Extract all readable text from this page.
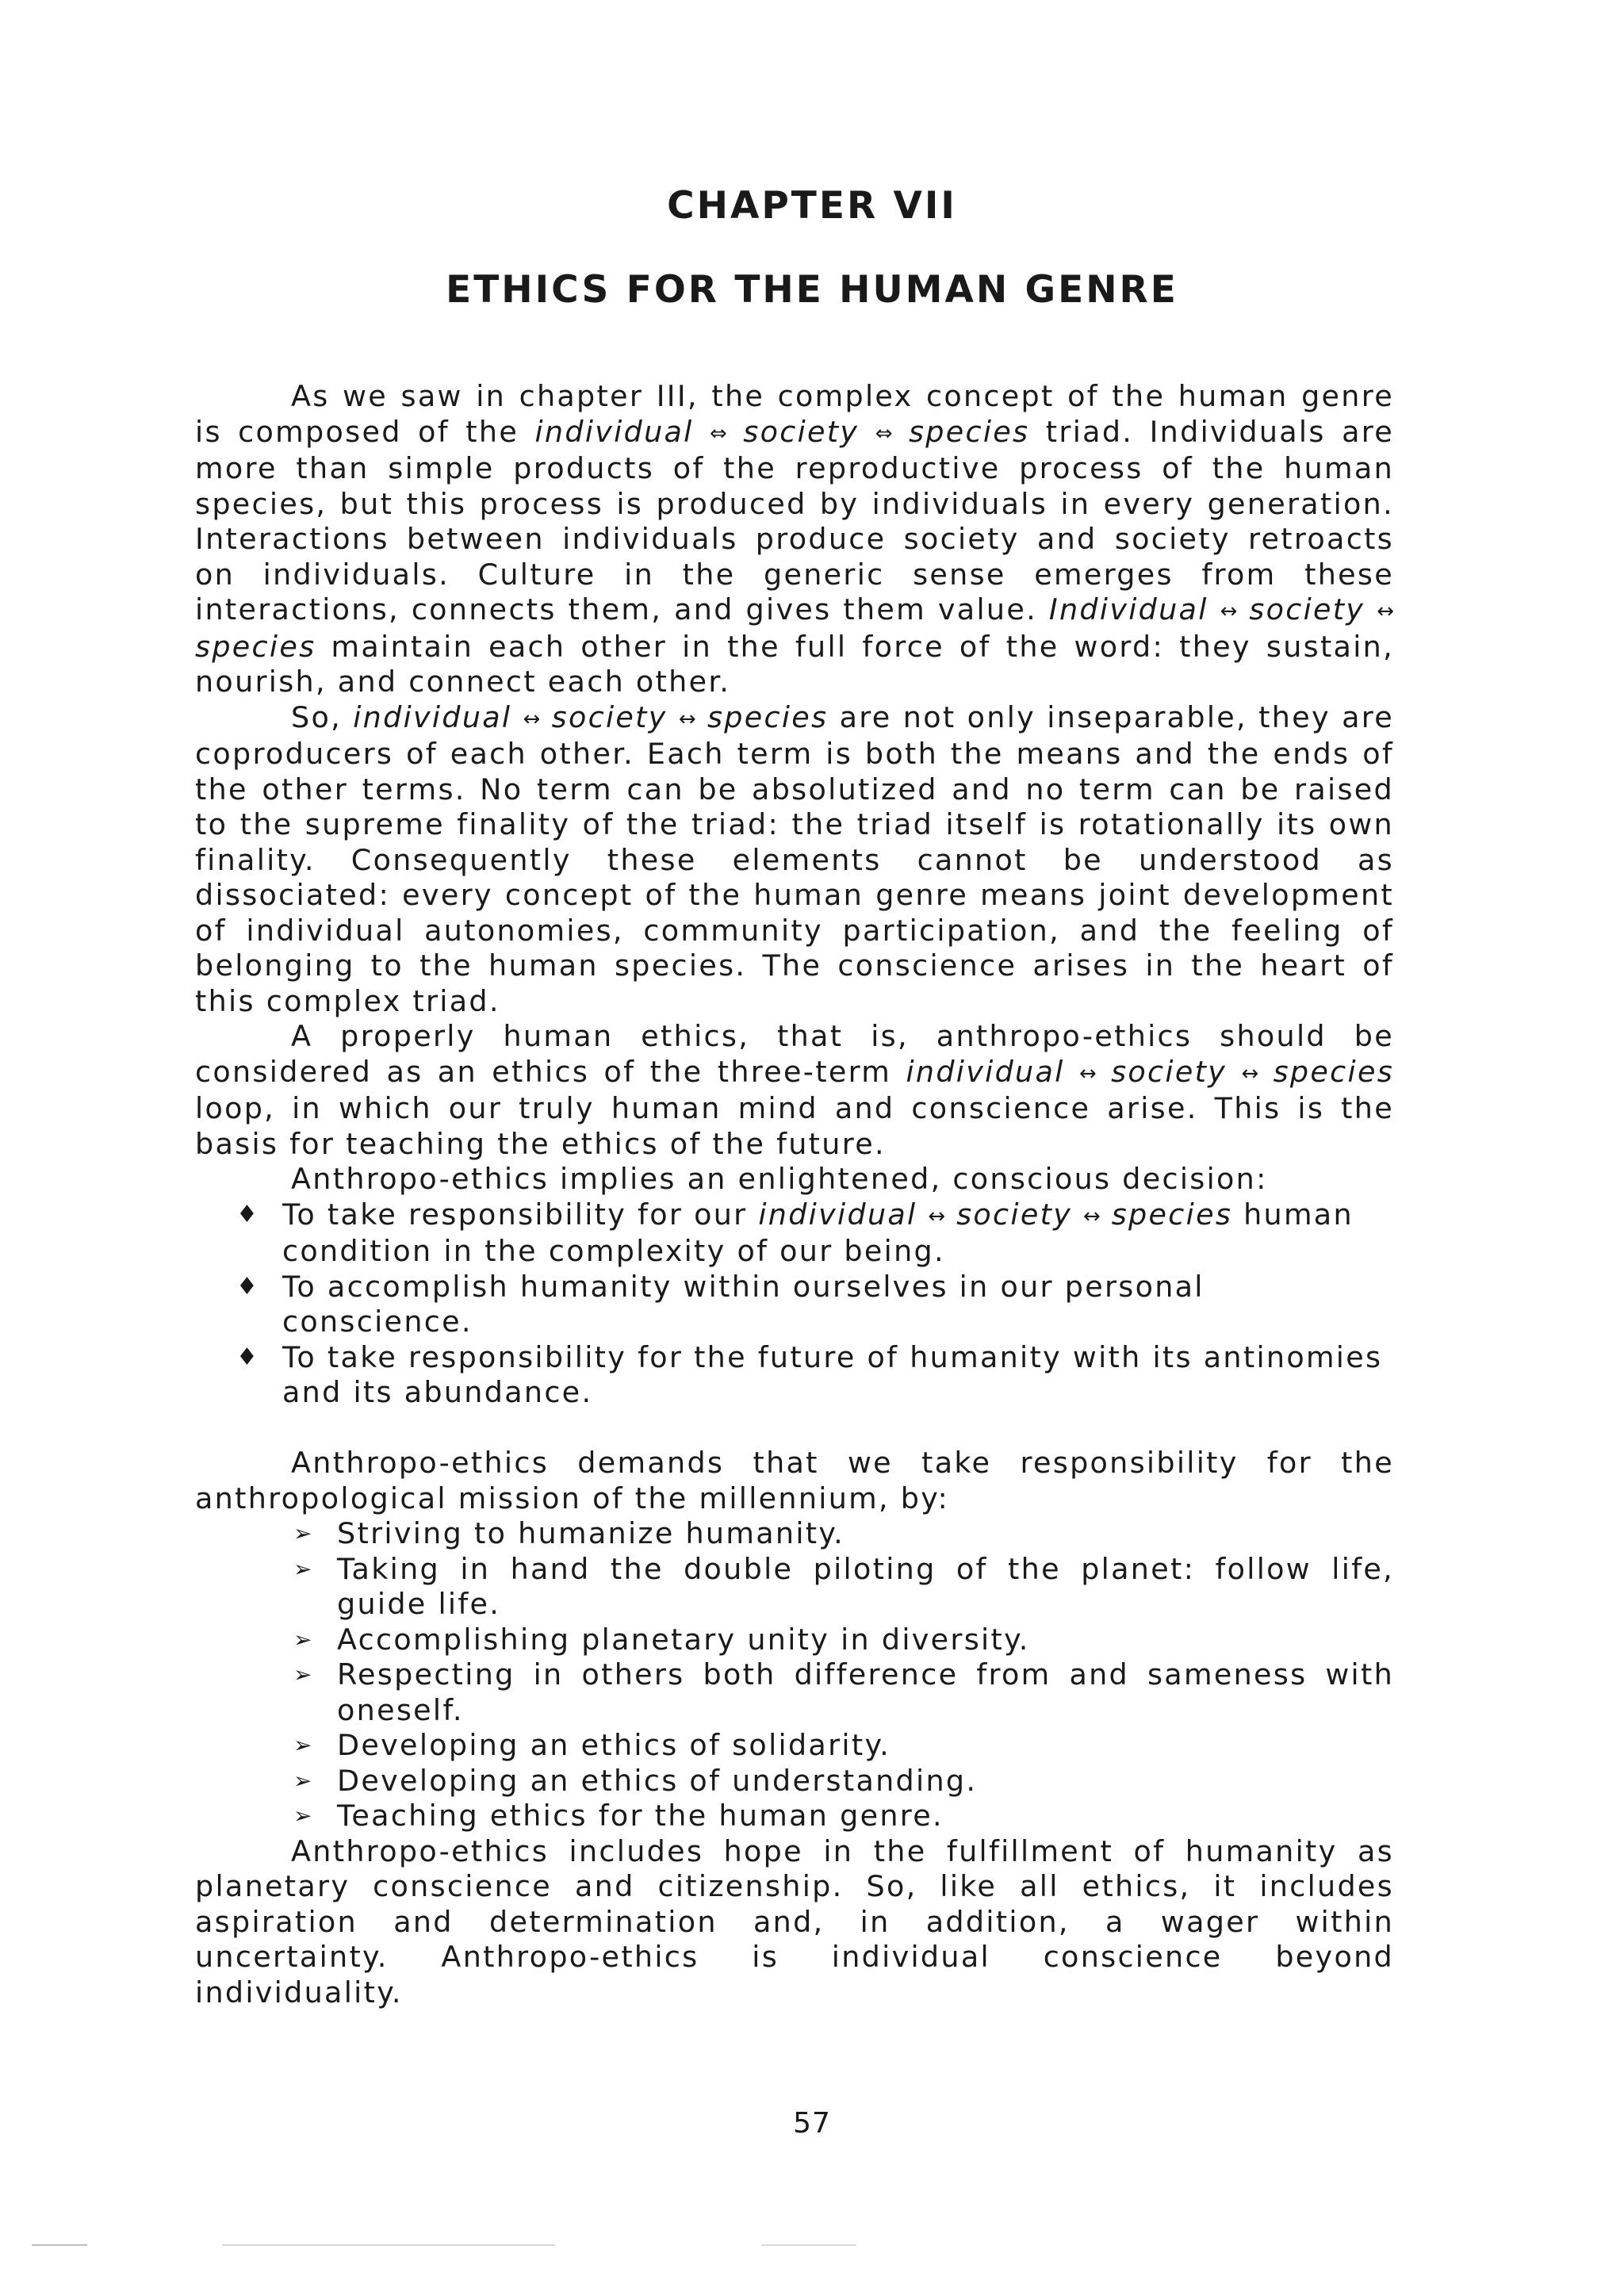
CHAPTER VII
ETHICS FOR THE HUMAN GENRE

As we saw in chapter III, the complex concept of the human genre is composed of the individual ⇔ society ⇔ species triad. Individuals are more than simple products of the reproductive process of the human species, but this process is produced by individuals in every generation. Interactions between individuals produce society and society retroacts on individuals. Culture in the generic sense emerges from these interactions, connects them, and gives them value. Individual ↔ society ↔ species maintain each other in the full force of the word: they sustain, nourish, and connect each other.

So, individual ↔ society ↔ species are not only inseparable, they are coproducers of each other. Each term is both the means and the ends of the other terms. No term can be absolutized and no term can be raised to the supreme finality of the triad: the triad itself is rotationally its own finality. Consequently these elements cannot be understood as dissociated: every concept of the human genre means joint development of individual autonomies, community participation, and the feeling of belonging to the human species. The conscience arises in the heart of this complex triad.

A properly human ethics, that is, anthropo-ethics should be considered as an ethics of the three-term individual ↔ society ↔ species loop, in which our truly human mind and conscience arise. This is the basis for teaching the ethics of the future.

Anthropo-ethics implies an enlightened, conscious decision:

♦ To take responsibility for our individual ↔ society ↔ species human condition in the complexity of our being.
♦ To accomplish humanity within ourselves in our personal conscience.
♦ To take responsibility for the future of humanity with its antinomies and its abundance.

Anthropo-ethics demands that we take responsibility for the anthropological mission of the millennium, by:

➢ Striving to humanize humanity.
➢ Taking in hand the double piloting of the planet: follow life, guide life.
➢ Accomplishing planetary unity in diversity.
➢ Respecting in others both difference from and sameness with oneself.
➢ Developing an ethics of solidarity.
➢ Developing an ethics of understanding.
➢ Teaching ethics for the human genre.

Anthropo-ethics includes hope in the fulfillment of humanity as planetary conscience and citizenship. So, like all ethics, it includes aspiration and determination and, in addition, a wager within uncertainty. Anthropo-ethics is individual conscience beyond individuality.

57
